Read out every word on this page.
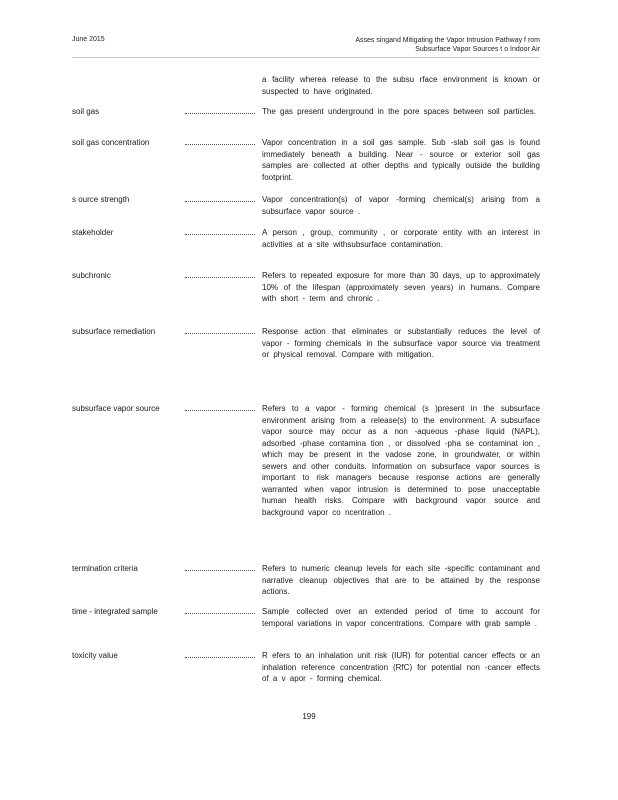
June 2015	Asses singand Mitigating the Vapor Intrusion Pathway f rom
Subsurface Vapor Sources t o Indoor Air
a facility wherea release to the subsu rface environment is known or suspected to have originated.
soil gas	The gas present underground in the pore spaces between soil particles.
soil gas concentration	Vapor concentration in a soil gas sample. Sub -slab soil gas is found immediately beneath a building. Near - source or exterior soil gas samples are collected at other depths and typically outside the building footprint.
s ource strength	Vapor concentration(s) of vapor -forming chemical(s) arising from a subsurface vapor source .
stakeholder	A person , group, community , or corporate entity with an interest in activities at a site withsubsurface contamination.
subchronic	Refers to repeated exposure for more than 30 days, up to approximately 10% of the lifespan (approximately seven years) in humans. Compare with short - term and chronic .
subsurface remediation	Response action that eliminates or substantially reduces the level of vapor - forming chemicals in the subsurface vapor source via treatment or physical removal. Compare with mitigation.
subsurface vapor source	Refers to a vapor - forming chemical (s )present in the subsurface environment arising from a release(s) to the environment. A subsurface vapor source may occur as a non -aqueous -phase liquid (NAPL), adsorbed -phase contamina tion , or dissolved -pha se contaminat ion , which may be present in the vadose zone, in groundwater, or within sewers and other conduits. Information on subsurface vapor sources is important to risk managers because response actions are generally warranted when vapor intrusion is determined to pose unacceptable human health risks. Compare with background vapor source and background vapor co ncentration .
termination criteria	Refers to numeric cleanup levels for each site -specific contaminant and narrative cleanup objectives that are to be attained by the response actions.
time - integrated sample	Sample collected over an extended period of time to account for temporal variations in vapor concentrations. Compare with grab sample .
toxicity value	R efers to an inhalation unit risk (IUR) for potential cancer effects or an inhalation reference concentration (RfC) for potential non -cancer effects of a v apor - forming chemical.
199
